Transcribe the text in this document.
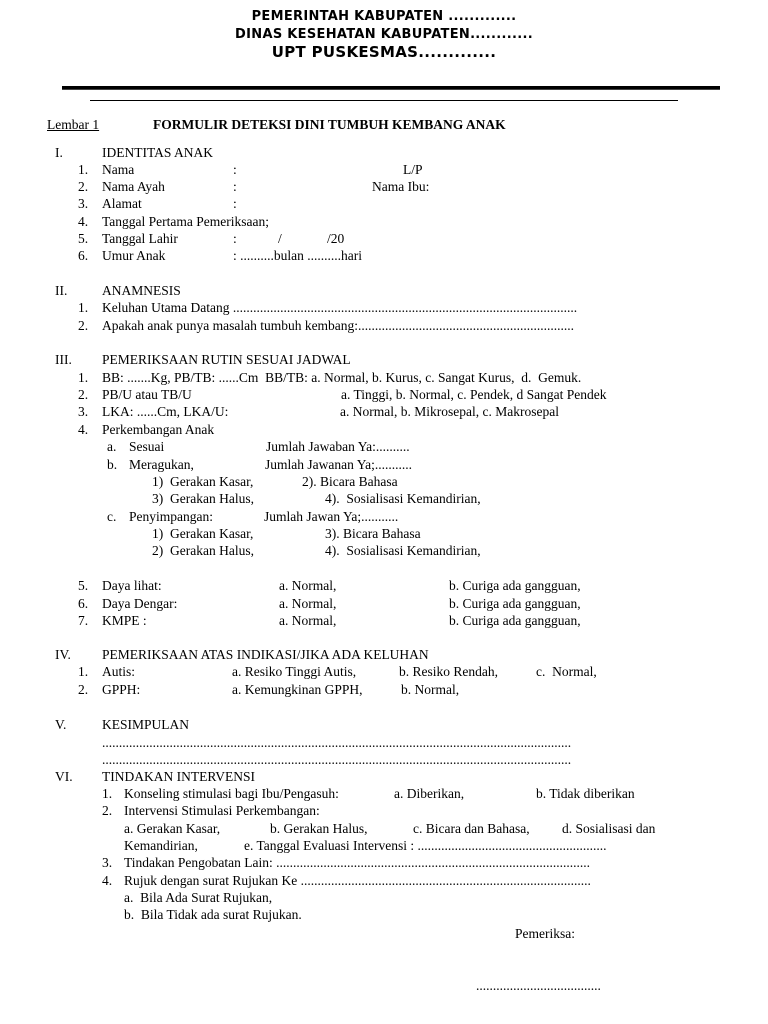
PEMERINTAH KABUPATEN .............
DINAS KESEHATAN KABUPATEN............
UPT PUSKESMAS.............
Lembar 1	FORMULIR DETEKSI DINI TUMBUH KEMBANG ANAK
I.	IDENTITAS ANAK
1. Nama	:	L/P
2. Nama Ayah	:	Nama Ibu:
3. Alamat	:
4. Tanggal Pertama Pemeriksaan;
5. Tanggal Lahir	:	/	/20
6. Umur Anak	: ..........bulan ..........hari
II.	ANAMNESIS
1. Keluhan Utama Datang ......................................................................................................
2. Apakah anak punya masalah tumbuh kembang:................................................................
III. PEMERIKSAAN RUTIN SESUAI JADWAL
1. BB: .......Kg, PB/TB: ......Cm  BB/TB: a. Normal, b. Kurus, c. Sangat Kurus,  d.  Gemuk.
2. PB/U atau TB/U	a. Tinggi, b. Normal, c. Pendek, d Sangat Pendek
3. LKA: ......Cm, LKA/U:	a. Normal, b. Mikrosepal, c. Makrosepal
4. Perkembangan Anak
a. Sesuai	Jumlah Jawaban Ya:..........
b. Meragukan,	Jumlah Jawanan Ya;...........
1)  Gerakan Kasar,	2). Bicara Bahasa
3)  Gerakan Halus,	4).  Sosialisasi Kemandirian,
c. Penyimpangan:	Jumlah Jawan Ya;...........
1)  Gerakan Kasar,	3). Bicara Bahasa
2)  Gerakan Halus,	4).  Sosialisasi Kemandirian,
5. Daya lihat:	a. Normal,	b. Curiga ada gangguan,
6. Daya Dengar:	a. Normal,	b. Curiga ada gangguan,
7. KMPE :	a. Normal,	b. Curiga ada gangguan,
IV. PEMERIKSAAN ATAS INDIKASI/JIKA ADA KELUHAN
1. Autis:	a. Resiko Tinggi Autis,	b. Resiko Rendah,	c.  Normal,
2. GPPH:	a. Kemungkinan GPPH,	b. Normal,
V.	KESIMPULAN
...........................................................................................................................................
...........................................................................................................................................
VI. TINDAKAN INTERVENSI
1. Konseling stimulasi bagi Ibu/Pengasuh:	a. Diberikan,	b. Tidak diberikan
2. Intervensi Stimulasi Perkembangan:
a. Gerakan Kasar,	b. Gerakan Halus,	c. Bicara dan Bahasa, d. Sosialisasi dan
Kemandirian,	e. Tanggal Evaluasi Intervensi : ........................................................
3. Tindakan Pengobatan Lain: .............................................................................................
4. Rujuk dengan surat Rujukan Ke ......................................................................................
a.  Bila Ada Surat Rujukan,
b.  Bila Tidak ada surat Rujukan.
Pemeriksa:
.....................................
